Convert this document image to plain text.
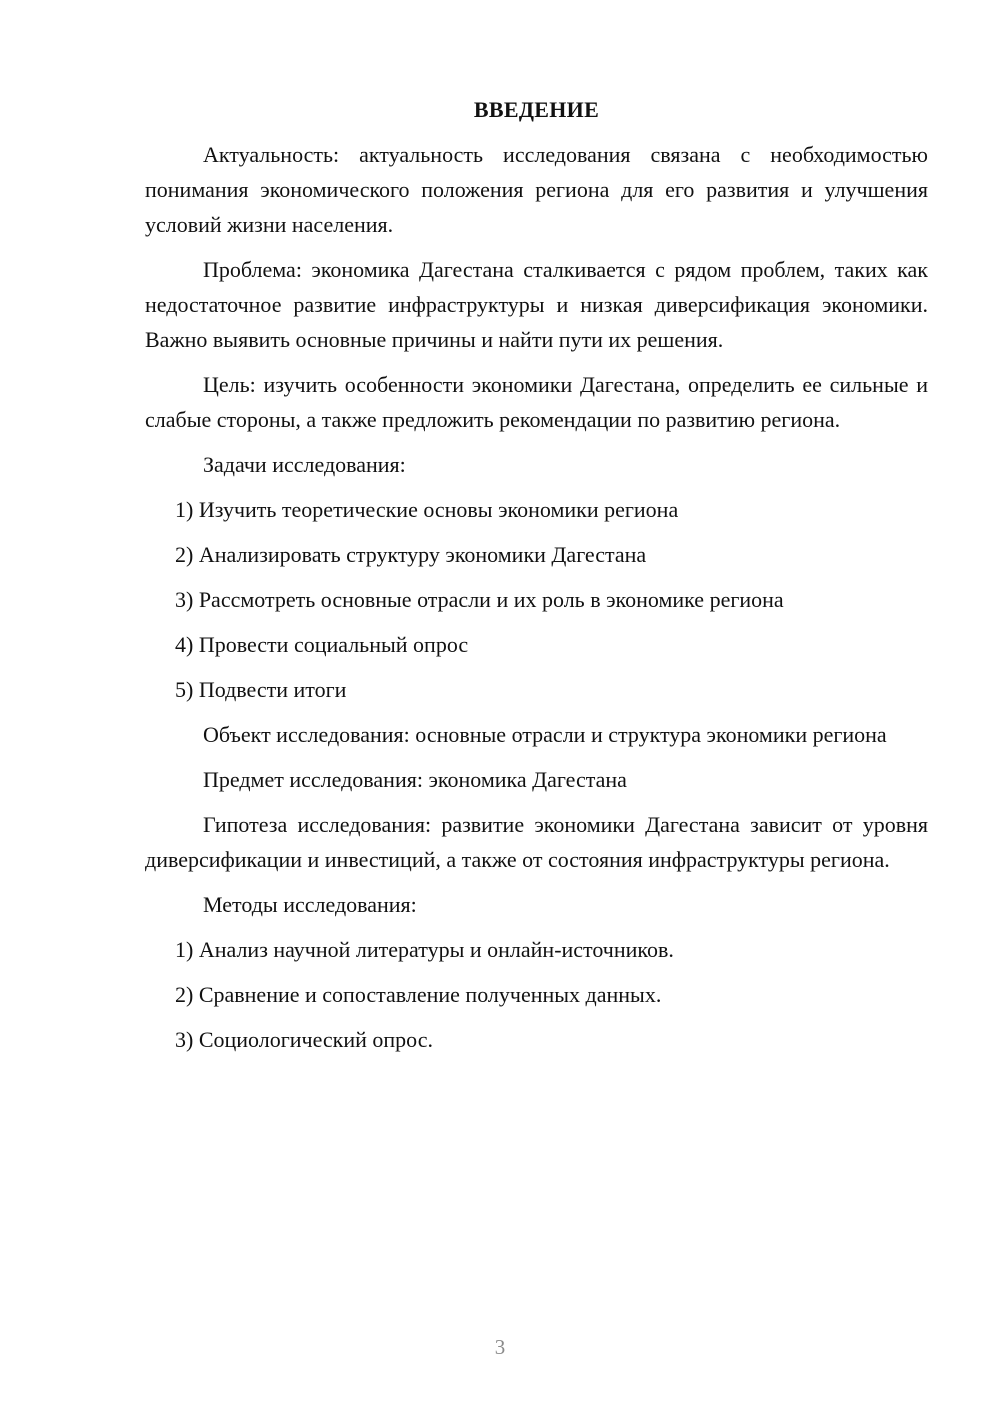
ВВЕДЕНИЕ

Актуальность: актуальность исследования связана с необходимостью понимания экономического положения региона для его развития и улучшения условий жизни населения.

Проблема: экономика Дагестана сталкивается с рядом проблем, таких как недостаточное развитие инфраструктуры и низкая диверсификация экономики. Важно выявить основные причины и найти пути их решения.

Цель: изучить особенности экономики Дагестана, определить ее сильные и слабые стороны, а также предложить рекомендации по развитию региона.

Задачи исследования:

1) Изучить теоретические основы экономики региона
2) Анализировать структуру экономики Дагестана
3) Рассмотреть основные отрасли и их роль в экономике региона
4) Провести социальный опрос
5) Подвести итоги

Объект исследования: основные отрасли и структура экономики региона

Предмет исследования: экономика Дагестана

Гипотеза исследования: развитие экономики Дагестана зависит от уровня диверсификации и инвестиций, а также от состояния инфраструктуры региона.

Методы исследования:

1) Анализ научной литературы и онлайн-источников.
2) Сравнение и сопоставление полученных данных.
3) Социологический опрос.
3
